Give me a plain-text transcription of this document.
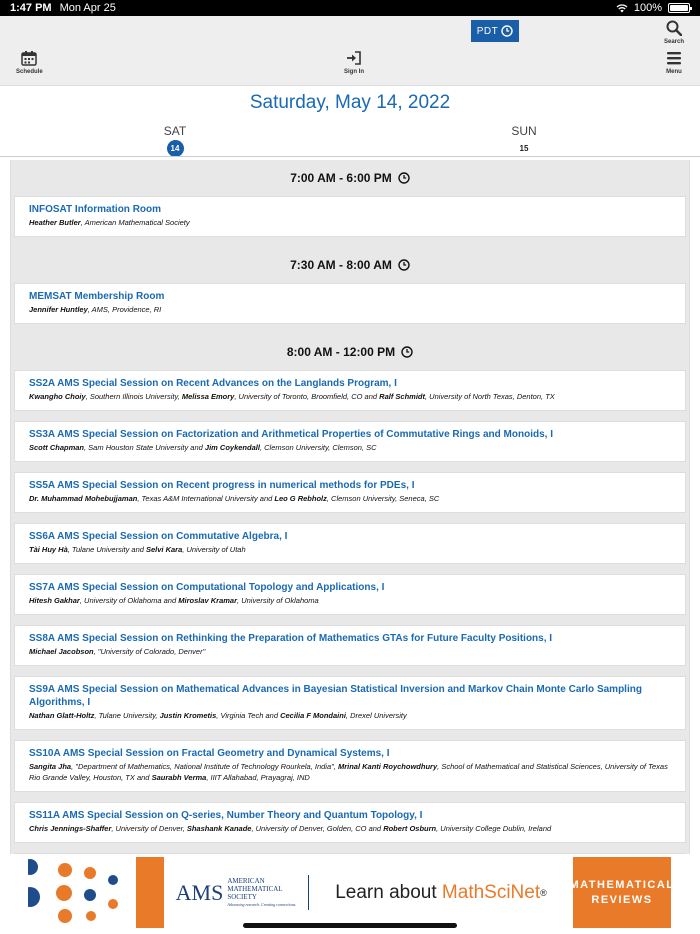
1:47 PM Mon Apr 25	100%
Schedule
PDT
Sign In
Search
Menu
Saturday, May 14, 2022
SAT
14
SUN
15
7:00 AM - 6:00 PM
INFOSAT Information Room
Heather Butler, American Mathematical Society
7:30 AM - 8:00 AM
MEMSAT Membership Room
Jennifer Huntley, AMS, Providence, RI
8:00 AM - 12:00 PM
SS2A AMS Special Session on Recent Advances on the Langlands Program, I
Kwangho Choiy, Southern Illinois University, Melissa Emory, University of Toronto, Broomfield, CO and Ralf Schmidt, University of North Texas, Denton, TX
SS3A AMS Special Session on Factorization and Arithmetical Properties of Commutative Rings and Monoids, I
Scott Chapman, Sam Houston State University and Jim Coykendall, Clemson University, Clemson, SC
SS5A AMS Special Session on Recent progress in numerical methods for PDEs, I
Dr. Muhammad Mohebujjaman, Texas A&M International University and Leo G Rebholz, Clemson University, Seneca, SC
SS6A AMS Special Session on Commutative Algebra, I
Tài Huy Hà, Tulane University and Selvi Kara, University of Utah
SS7A AMS Special Session on Computational Topology and Applications, I
Hitesh Gakhar, University of Oklahoma and Miroslav Kramar, University of Oklahoma
SS8A AMS Special Session on Rethinking the Preparation of Mathematics GTAs for Future Faculty Positions, I
Michael Jacobson, "University of Colorado, Denver"
SS9A AMS Special Session on Mathematical Advances in Bayesian Statistical Inversion and Markov Chain Monte Carlo Sampling Algorithms, I
Nathan Glatt-Holtz, Tulane University, Justin Krometis, Virginia Tech and Cecilia F Mondaini, Drexel University
SS10A AMS Special Session on Fractal Geometry and Dynamical Systems, I
Sangita Jha, "Department of Mathematics, National Institute of Technology Rourkela, India", Mrinal Kanti Roychowdhury, School of Mathematical and Statistical Sciences, University of Texas Rio Grande Valley, Houston, TX and Saurabh Verma, IIIT Allahabad, Prayagraj, IND
SS11A AMS Special Session on Q-series, Number Theory and Quantum Topology, I
Chris Jennings-Shaffer, University of Denver, Shashank Kanade, University of Denver, Golden, CO and Robert Osburn, University College Dublin, Ireland
AMS AMERICAN
MATHEMATICAL
SOCIETY
Advancing research. Creating connections.
Learn about MathSciNet ®
MATHEMATICAL
REVIEWS
